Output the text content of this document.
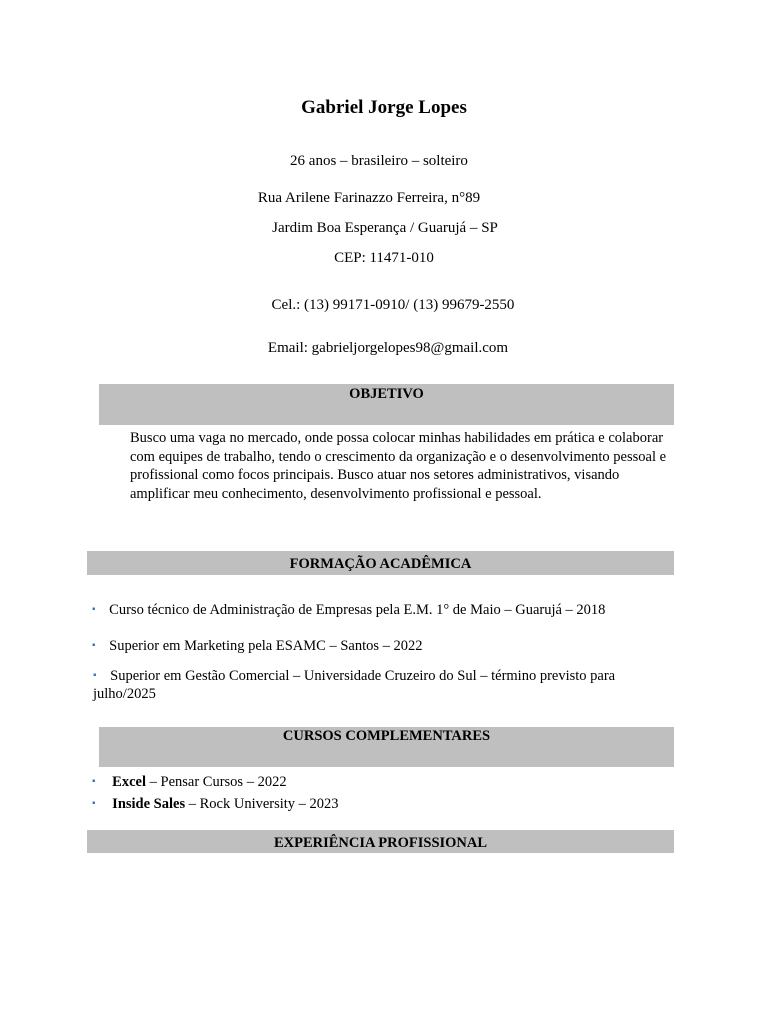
Gabriel Jorge Lopes
26 anos – brasileiro – solteiro
Rua Arilene Farinazzo Ferreira, n°89
Jardim Boa Esperança / Guarujá – SP
CEP: 11471-010
Cel.: (13) 99171-0910/ (13) 99679-2550
Email: gabrieljorgelopes98@gmail.com
OBJETIVO
Busco uma vaga no mercado, onde possa colocar minhas habilidades em prática e colaborar com equipes de trabalho, tendo o crescimento da organização e o desenvolvimento pessoal e profissional como focos principais. Busco atuar nos setores administrativos, visando amplificar meu conhecimento, desenvolvimento profissional e pessoal.
FORMAÇÃO ACADÊMICA
▪ Curso técnico de Administração de Empresas pela E.M. 1° de Maio – Guarujá – 2018
▪ Superior em Marketing pela ESAMC – Santos – 2022
▪ Superior em Gestão Comercial – Universidade Cruzeiro do Sul – término previsto para julho/2025
CURSOS COMPLEMENTARES
▪ Excel – Pensar Cursos – 2022
▪ Inside Sales – Rock University – 2023
EXPERIÊNCIA PROFISSIONAL
